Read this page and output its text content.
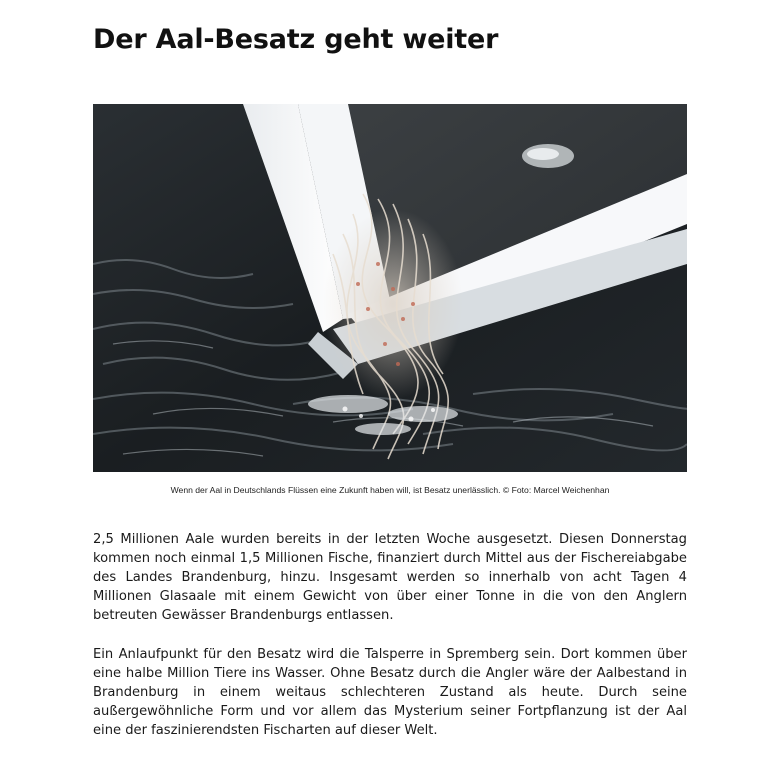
Der Aal-Besatz geht weiter

Wenn der Aal in Deutschlands Flüssen eine Zukunft haben will, ist Besatz unerlässlich. © Foto: Marcel Weichenhan

2,5 Millionen Aale wurden bereits in der letzten Woche ausgesetzt. Diesen Donnerstag kommen noch einmal 1,5 Millionen Fische, finanziert durch Mittel aus der Fischereiabgabe des Landes Brandenburg, hinzu. Insgesamt werden so innerhalb von acht Tagen 4 Millionen Glasaale mit einem Gewicht von über einer Tonne in die von den Anglern betreuten Gewässer Brandenburgs entlassen.

Ein Anlaufpunkt für den Besatz wird die Talsperre in Spremberg sein. Dort kommen über eine halbe Million Tiere ins Wasser. Ohne Besatz durch die Angler wäre der Aalbestand in Brandenburg in einem weitaus schlechteren Zustand als heute. Durch seine außergewöhnliche Form und vor allem das Mysterium seiner Fortpflanzung ist der Aal eine der faszinierendsten Fischarten auf dieser Welt.
